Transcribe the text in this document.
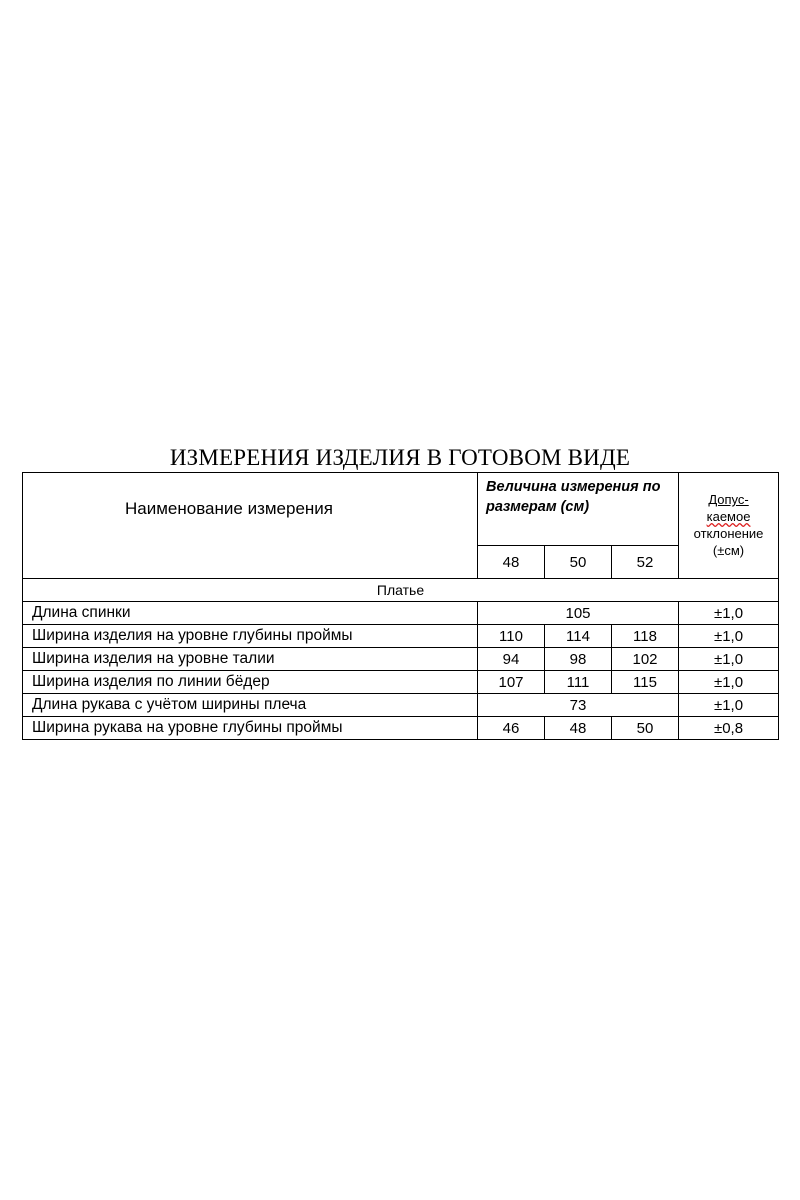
ИЗМЕРЕНИЯ ИЗДЕЛИЯ В ГОТОВОМ ВИДЕ
Наименование измерения	Величина измерения по размерам (см)			Допус-
каемое
отклонение
(±см)
	48	50	52	
Платье				
Длина спинки	105			±1,0
Ширина изделия на уровне глубины проймы	110	114	118	±1,0
Ширина изделия на уровне талии	94	98	102	±1,0
Ширина изделия по линии бёдер	107	111	115	±1,0
Длина рукава с учётом ширины плеча	73			±1,0
Ширина рукава на уровне глубины проймы	46	48	50	±0,8
